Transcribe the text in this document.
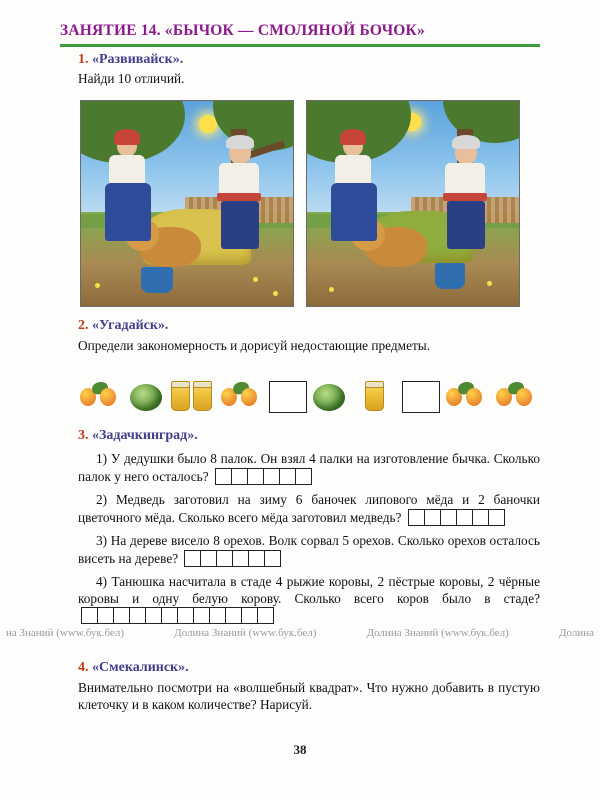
ЗАНЯТИЕ 14. «БЫЧОК — СМОЛЯНОЙ БОЧОК»
1. «Развивайск».
Найди 10 отличий.
2. «Угадайск».
Определи закономерность и дорисуй недостающие предметы.
3. «Задачкинград».

1) У дедушки было 8 палок. Он взял 4 палки на изготовление бычка. Сколько палок у него осталось?

2) Медведь заготовил на зиму 6 баночек липового мёда и 2 баночки цветочного мёда. Сколько всего мёда заготовил медведь?

3) На дереве висело 8 орехов. Волк сорвал 5 орехов. Сколько орехов осталось висеть на дереве?

4) Танюшка насчитала в стаде 4 рыжие коровы, 2 пёстрые коровы, 2 чёрные коровы и одну белую корову. Сколько всего коров было в стаде?

на Знаний (www.бук.бел)	Долина Знаний (www.бук.бел)	Долина Знаний (www.бук.бел)	Долина
4. «Смекалинск».
Внимательно посмотри на «волшебный квадрат». Что нужно добавить в пустую клеточку и в каком количестве? Нарисуй.
38
